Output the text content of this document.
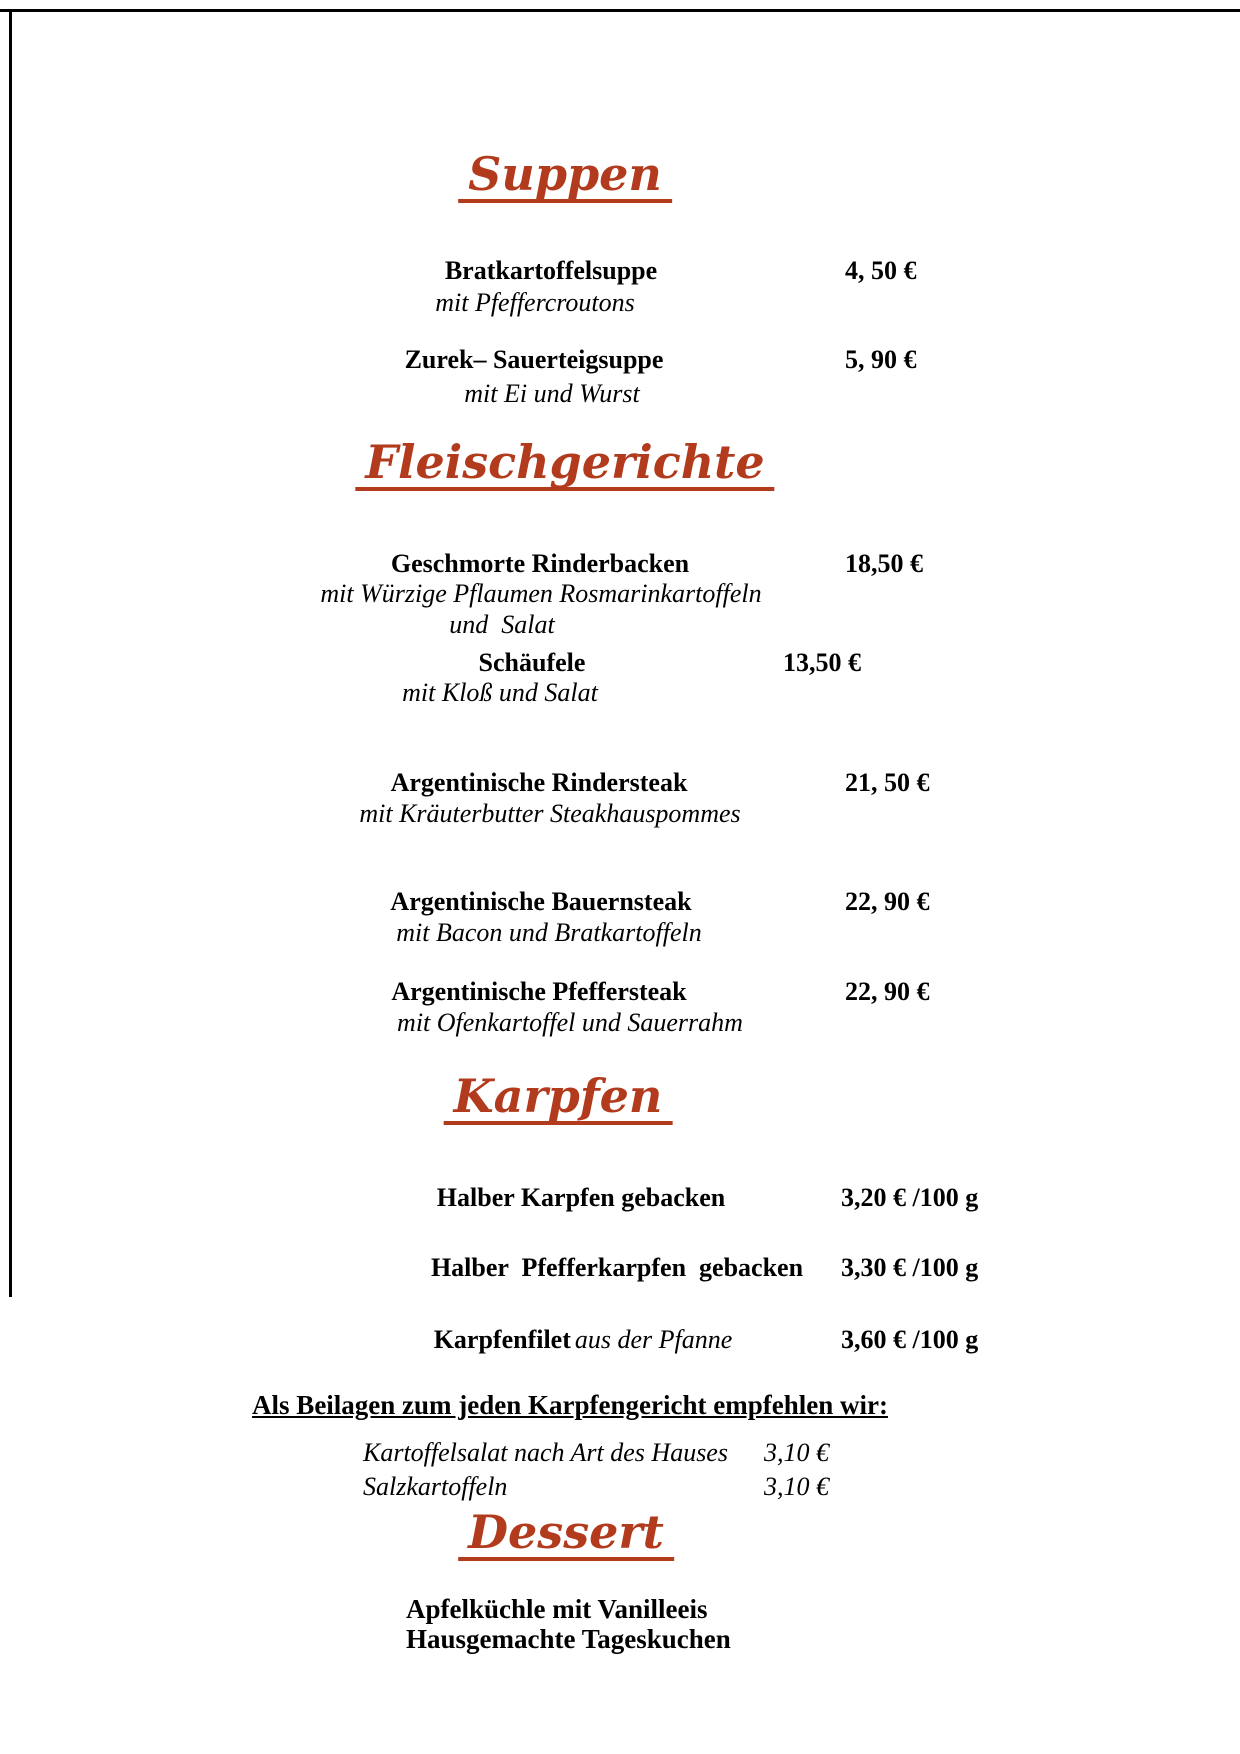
Suppen
Bratkartoffelsuppe	4, 50 €
mit Pfeffercroutons
Zurek– Sauerteigsuppe	5, 90 €
mit Ei und Wurst
Fleischgerichte
Geschmorte Rinderbacken	18,50 €
mit Würzige Pflaumen Rosmarinkartoffeln
und  Salat
Schäufele	13,50 €
mit Kloß und Salat
Argentinische Rindersteak	21, 50 €
mit Kräuterbutter Steakhauspommes
Argentinische Bauernsteak	22, 90 €
mit Bacon und Bratkartoffeln
Argentinische Pfeffersteak	22, 90 €
mit Ofenkartoffel und Sauerrahm
Karpfen
Halber Karpfen gebacken	3,20 € /100 g
Halber  Pfefferkarpfen  gebacken 3,30 € /100 g
Karpfenfilet aus der Pfanne	3,60 € /100 g
Als Beilagen zum jeden Karpfengericht empfehlen wir:
Kartoffelsalat nach Art des Hauses 3,10 €
Salzkartoffeln	3,10 €
Dessert
Apfelküchle mit Vanilleeis
Hausgemachte Tageskuchen
